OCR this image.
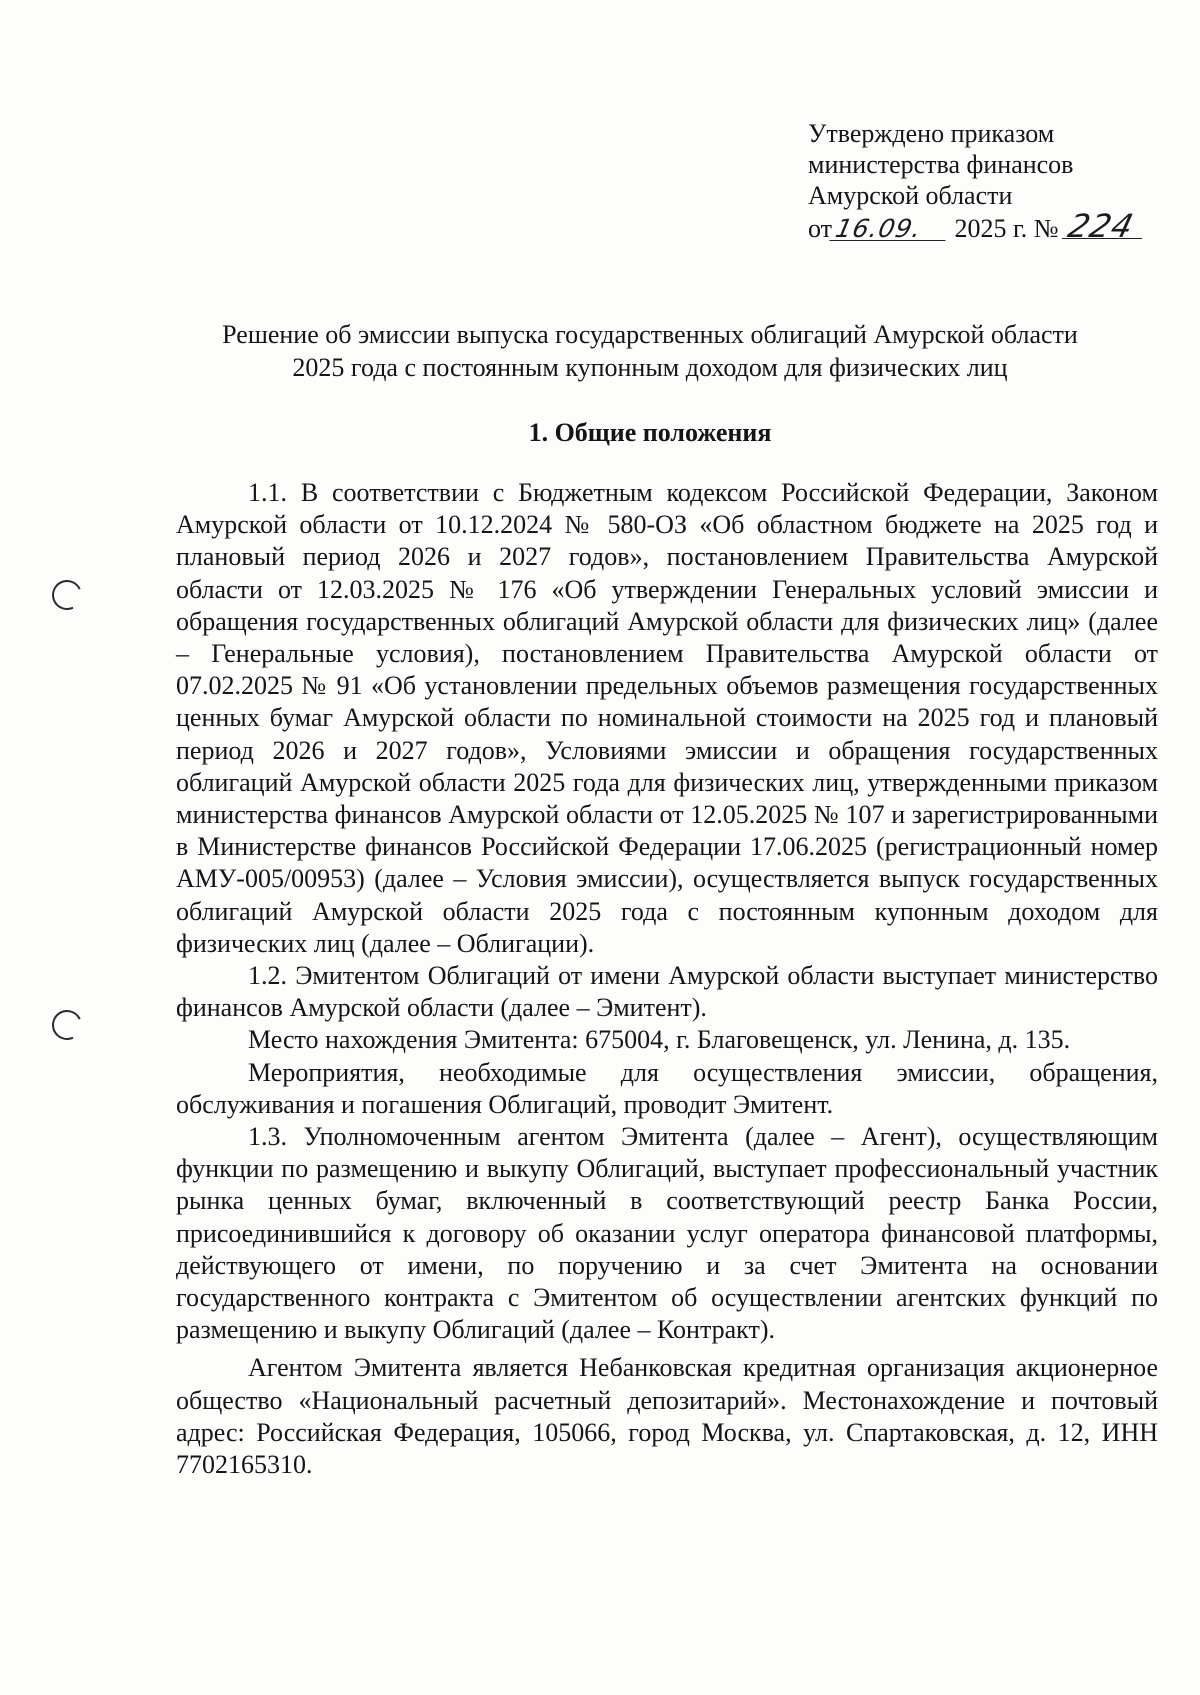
Утверждено приказом
министерства финансов
Амурской области
от16.09. 2025 г. № 224
Решение об эмиссии выпуска государственных облигаций Амурской области
2025 года с постоянным купонным доходом для физических лиц
1. Общие положения

1.1. В соответствии с Бюджетным кодексом Российской Федерации, Законом Амурской области от 10.12.2024 № 580-ОЗ «Об областном бюджете на 2025 год и плановый период 2026 и 2027 годов», постановлением Правительства Амурской области от 12.03.2025 № 176 «Об утверждении Генеральных условий эмиссии и обращения государственных облигаций Амурской области для физических лиц» (далее – Генеральные условия), постановлением Правительства Амурской области от 07.02.2025 № 91 «Об установлении предельных объемов размещения государственных ценных бумаг Амурской области по номинальной стоимости на 2025 год и плановый период 2026 и 2027 годов», Условиями эмиссии и обращения государственных облигаций Амурской области 2025 года для физических лиц, утвержденными приказом министерства финансов Амурской области от 12.05.2025 № 107 и зарегистрированными в Министерстве финансов Российской Федерации 17.06.2025 (регистрационный номер АМУ-005/00953) (далее – Условия эмиссии), осуществляется выпуск государственных облигаций Амурской области 2025 года с постоянным купонным доходом для физических лиц (далее – Облигации).

1.2. Эмитентом Облигаций от имени Амурской области выступает министерство финансов Амурской области (далее – Эмитент).

Место нахождения Эмитента: 675004, г. Благовещенск, ул. Ленина, д. 135.

Мероприятия, необходимые для осуществления эмиссии, обращения, обслуживания и погашения Облигаций, проводит Эмитент.

1.3. Уполномоченным агентом Эмитента (далее – Агент), осуществляющим функции по размещению и выкупу Облигаций, выступает профессиональный участник рынка ценных бумаг, включенный в соответствующий реестр Банка России, присоединившийся к договору об оказании услуг оператора финансовой платформы, действующего от имени, по поручению и за счет Эмитента на основании государственного контракта с Эмитентом об осуществлении агентских функций по размещению и выкупу Облигаций (далее – Контракт).

Агентом Эмитента является Небанковская кредитная организация акционерное общество «Национальный расчетный депозитарий». Местонахождение и почтовый адрес: Российская Федерация, 105066, город Москва, ул. Спартаковская, д. 12, ИНН 7702165310.
